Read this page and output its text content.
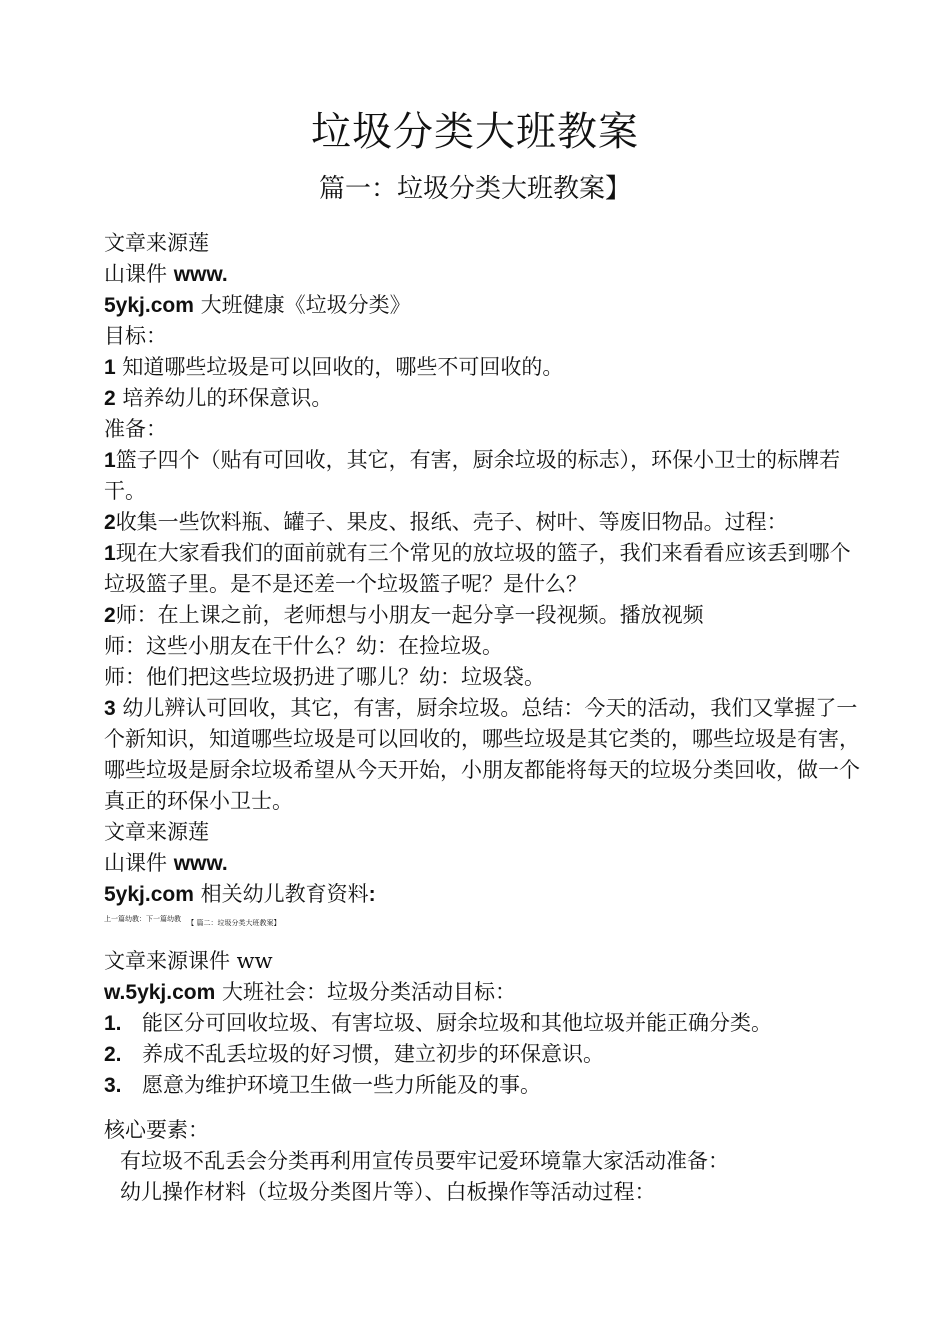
垃圾分类大班教案
篇一：垃圾分类大班教案】
文章来源莲
山课件 www.
5ykj.com 大班健康《垃圾分类》
目标：
1 知道哪些垃圾是可以回收的，哪些不可回收的。
2 培养幼儿的环保意识。
准备：
1篮子四个（贴有可回收，其它，有害，厨余垃圾的标志），环保小卫士的标牌若干。
2收集一些饮料瓶、罐子、果皮、报纸、壳子、树叶、等废旧物品。过程：
1现在大家看我们的面前就有三个常见的放垃圾的篮子，我们来看看应该丢到哪个垃圾篮子里。是不是还差一个垃圾篮子呢？是什么？
2师：在上课之前，老师想与小朋友一起分享一段视频。播放视频
师：这些小朋友在干什么？幼：在捡垃圾。
师：他们把这些垃圾扔进了哪儿？幼：垃圾袋。
3 幼儿辨认可回收，其它，有害，厨余垃圾。总结：今天的活动，我们又掌握了一个新知识，知道哪些垃圾是可以回收的，哪些垃圾是其它类的，哪些垃圾是有害，哪些垃圾是厨余垃圾希望从今天开始，小朋友都能将每天的垃圾分类回收，做一个真正的环保小卫士。
文章来源莲
山课件 www.
5ykj.com 相关幼儿教育资料:
上一篇幼教：下一篇幼教 【 篇二：垃圾分类大班教案】
文章来源课件 ww
w.5ykj.com 大班社会：垃圾分类活动目标：
1. 能区分可回收垃圾、有害垃圾、厨余垃圾和其他垃圾并能正确分类。
2. 养成不乱丢垃圾的好习惯，建立初步的环保意识。
3. 愿意为维护环境卫生做一些力所能及的事。
核心要素：
有垃圾不乱丢会分类再利用宣传员要牢记爱环境靠大家活动准备：
幼儿操作材料（垃圾分类图片等）、白板操作等活动过程：
